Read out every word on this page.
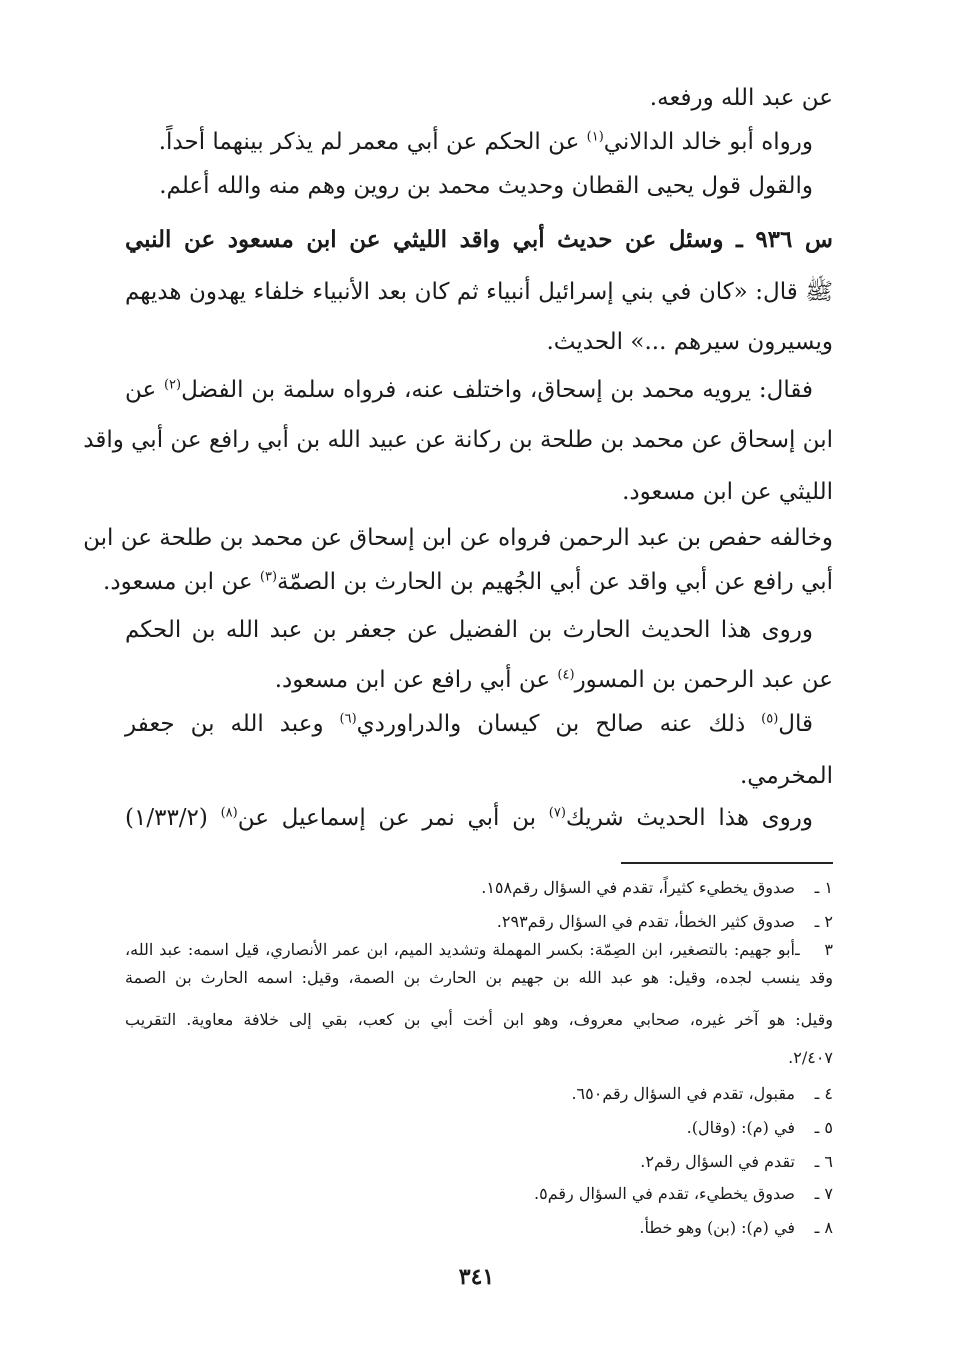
عن عبد الله ورفعه.
ورواه أبو خالد الدالاني$^{(١)}$ عن الحكم عن أبي معمر لم يذكر بينهما أحداً.
والقول قول يحيى القطان وحديث محمد بن روين وهم منه والله أعلم.
س ٩٣٦ ـ وسئل عن حديث أبي واقد الليثي عن ابن مسعود عن النبي
ﷺ قال: «كان في بني إسرائيل أنبياء ثم كان بعد الأنبياء خلفاء يهدون هديهم
ويسيرون سيرهم ...» الحديث.
فقال: يرويه محمد بن إسحاق، واختلف عنه، فرواه سلمة بن الفضل$^{(٢)}$ عن
ابن إسحاق عن محمد بن طلحة بن ركانة عن عبيد الله بن أبي رافع عن أبي واقد
الليثي عن ابن مسعود.
وخالفه حفص بن عبد الرحمن فرواه عن ابن إسحاق عن محمد بن طلحة عن ابن
أبي رافع عن أبي واقد عن أبي الجُهيم بن الحارث بن الصمّة$^{(٣)}$ عن ابن مسعود.
وروى هذا الحديث الحارث بن الفضيل عن جعفر بن عبد الله بن الحكم
عن عبد الرحمن بن المسور$^{(٤)}$ عن أبي رافع عن ابن مسعود.
قال$^{(٥)}$ ذلك عنه صالح بن كيسان والدراوردي$^{(٦)}$ وعبد الله بن جعفر
المخرمي.
وروى هذا الحديث شريك$^{(٧)}$ بن أبي نمر عن إسماعيل عن$^{(٨)}$ (١/٣٣/٢)
١ ـصدوق يخطيء كثيراً، تقدم في السؤال رقم١٥٨.
٢ ـصدوق كثير الخطأ، تقدم في السؤال رقم٢٩٣.
٣ ـأبو جهيم: بالتصغير، ابن الصِمّة: بكسر المهملة وتشديد الميم، ابن عمر الأنصاري، قيل اسمه: عبد الله،
وقد ينسب لجده، وقيل: هو عبد الله بن جهيم بن الحارث بن الصمة، وقيل: اسمه الحارث بن الصمة
وقيل: هو آخر غيره، صحابي معروف، وهو ابن أخت أبي بن كعب، بقي إلى خلافة معاوية. التقريب
٢/٤٠٧.
٤ ـمقبول، تقدم في السؤال رقم٦٥٠.
٥ ـفي (م): (وقال).
٦ ـتقدم في السؤال رقم٢.
٧ ـصدوق يخطيء، تقدم في السؤال رقم٥.
٨ ـفي (م): (بن) وهو خطأ.
٣٤١
